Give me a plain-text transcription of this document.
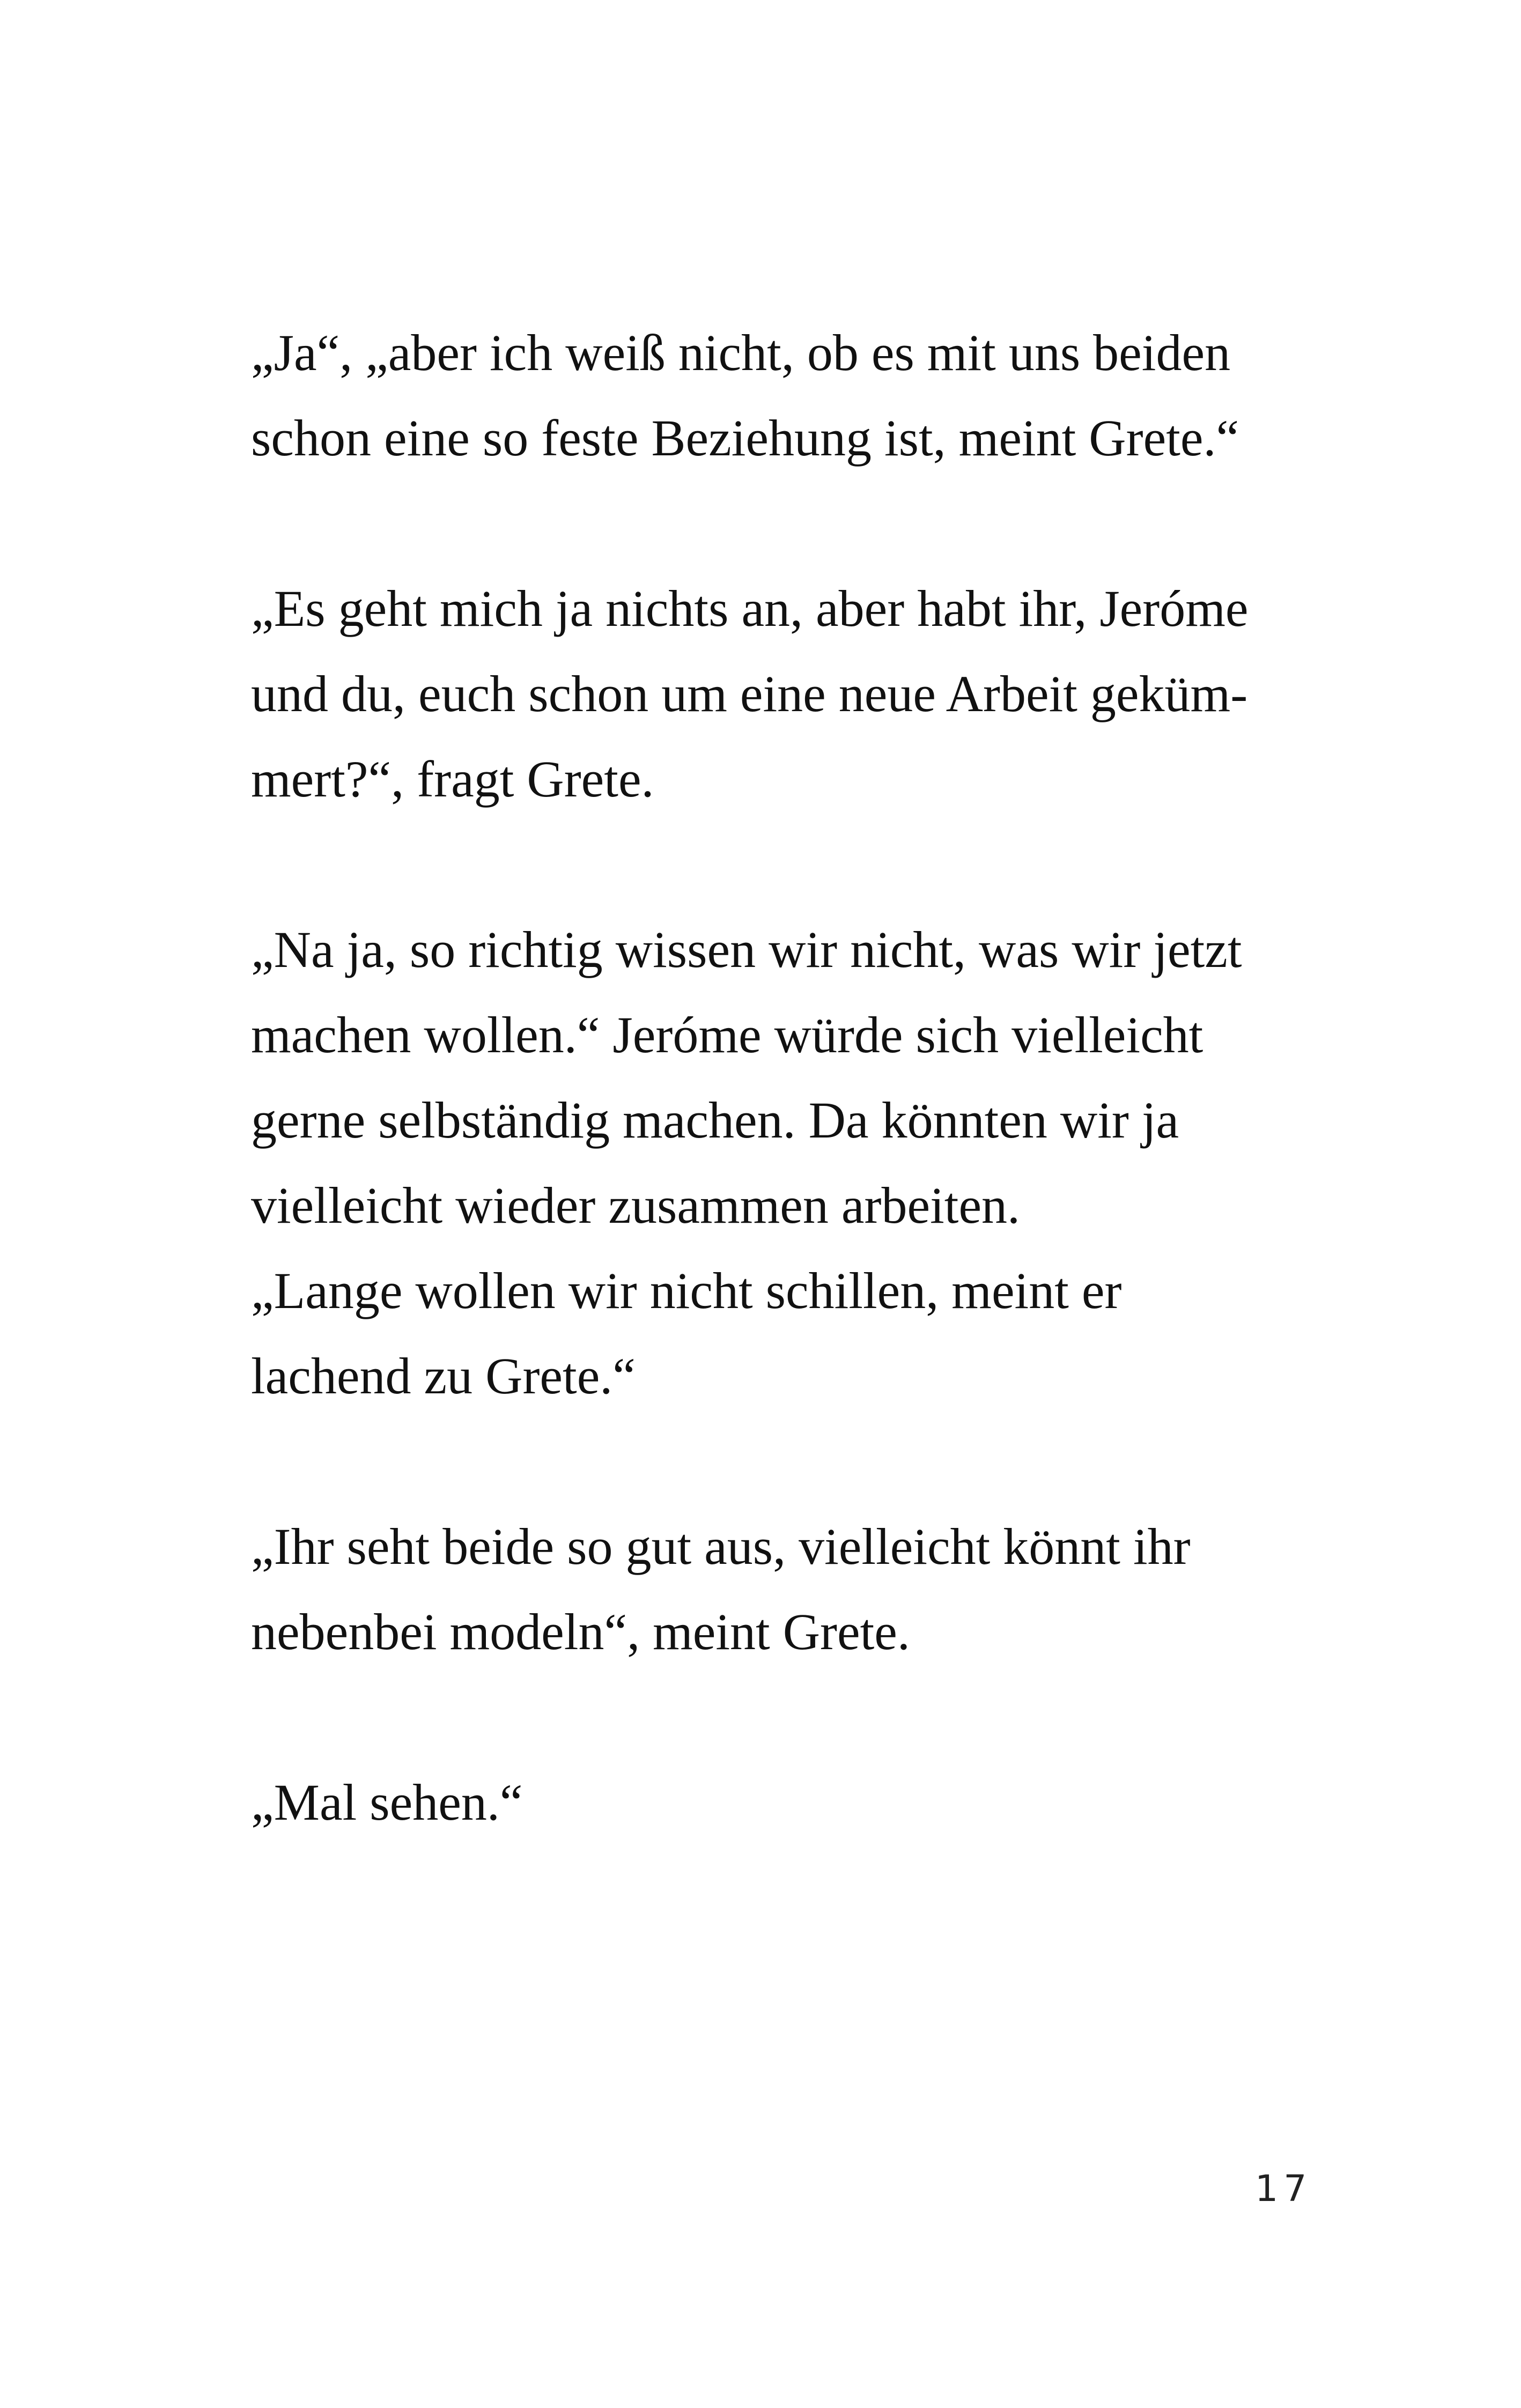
„Ja“, „aber ich weiß nicht, ob es mit uns beiden
schon eine so feste Beziehung ist, meint Grete.“
„Es geht mich ja nichts an, aber habt ihr, Jeróme
und du, euch schon um eine neue Arbeit geküm-
mert?“, fragt Grete.
„Na ja, so richtig wissen wir nicht, was wir jetzt
machen wollen.“ Jeróme würde sich vielleicht
gerne selbständig machen. Da könnten wir ja
vielleicht wieder zusammen arbeiten.
„Lange wollen wir nicht schillen, meint er
lachend zu Grete.“
„Ihr seht beide so gut aus, vielleicht könnt ihr
nebenbei modeln“, meint Grete.
„Mal sehen.“
17
